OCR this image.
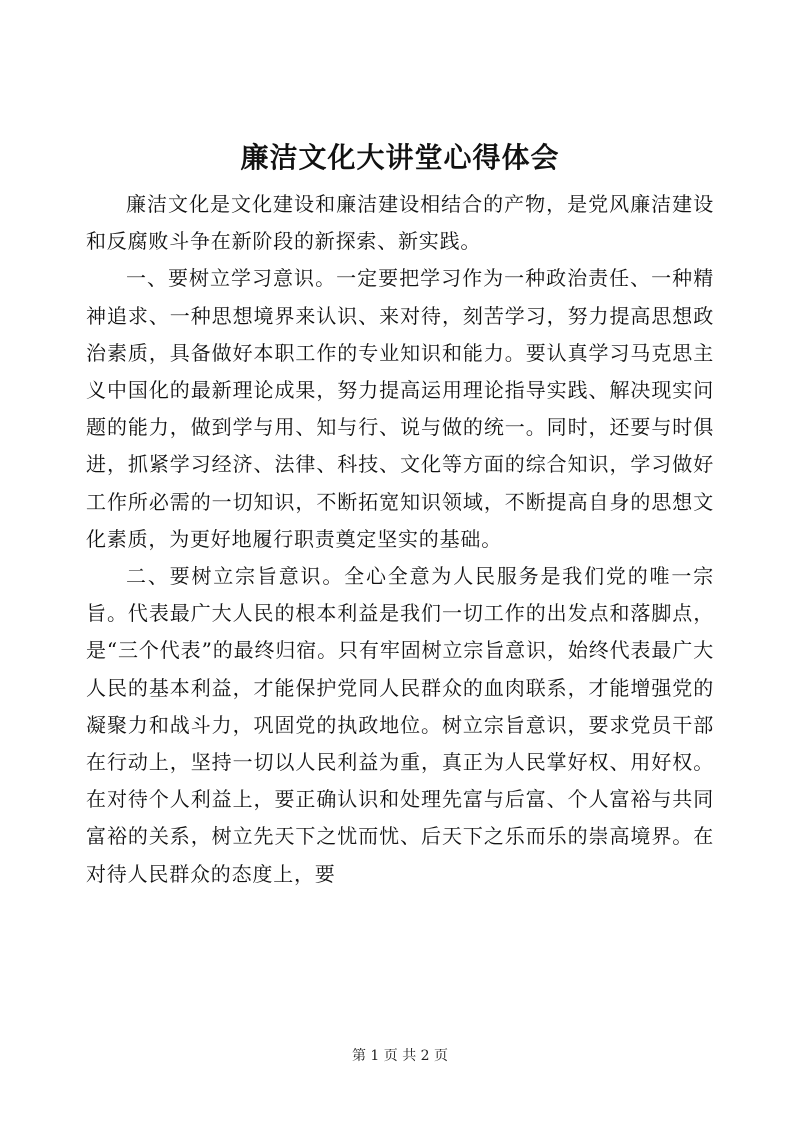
廉洁文化大讲堂心得体会

廉洁文化是文化建设和廉洁建设相结合的产物，是党风廉洁建设和反腐败斗争在新阶段的新探索、新实践。

一、要树立学习意识。一定要把学习作为一种政治责任、一种精神追求、一种思想境界来认识、来对待，刻苦学习，努力提高思想政治素质，具备做好本职工作的专业知识和能力。要认真学习马克思主义中国化的最新理论成果，努力提高运用理论指导实践、解决现实问题的能力，做到学与用、知与行、说与做的统一。同时，还要与时俱进，抓紧学习经济、法律、科技、文化等方面的综合知识，学习做好工作所必需的一切知识，不断拓宽知识领域，不断提高自身的思想文化素质，为更好地履行职责奠定坚实的基础。

二、要树立宗旨意识。全心全意为人民服务是我们党的唯一宗旨。代表最广大人民的根本利益是我们一切工作的出发点和落脚点，是“三个代表”的最终归宿。只有牢固树立宗旨意识，始终代表最广大人民的基本利益，才能保护党同人民群众的血肉联系，才能增强党的凝聚力和战斗力，巩固党的执政地位。树立宗旨意识，要求党员干部在行动上，坚持一切以人民利益为重，真正为人民掌好权、用好权。在对待个人利益上，要正确认识和处理先富与后富、个人富裕与共同富裕的关系，树立先天下之忧而忧、后天下之乐而乐的崇高境界。在对待人民群众的态度上，要

第 1 页 共 2 页
